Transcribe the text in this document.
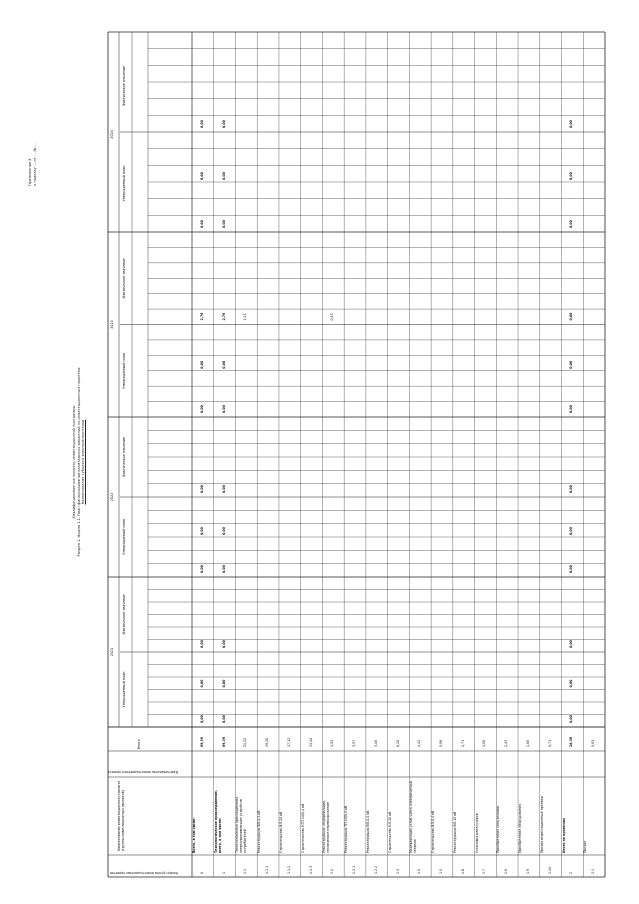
Приложение 4 к приказу ... от ... № ...
Квалифицированные проекты инвестиционной программы Раздел 1. Форма 1.1. План финансирования капитальных вложений по инвестиционным проектам Наименование субъекта электроэнергетики
Номер группы инвестиционных проектов
Наименование инвестиционного проекта (группы инвестиционных проектов)
Идентификатор инвестиционного проекта
Итого
2021
2022
2023
2024
Утвержденный план
Фактическое значение
Утвержденный план
Фактическое значение
Утвержденный план
Фактическое значение
Утвержденный план
Фактическое значение
0
Всего, в том числе:
69,39
0,00
0,00
0,00
0,00
0,00
0,00
0,00
0,00
2,76
0,00
0,00
0,00
1
Технологическое присоединение, всего, в том числе:
69,39
0,00
0,00
0,00
0,00
0,00
0,00
0,00
0,00
2,76
0,00
0,00
0,00
1.1
Технологическое присоединение энергопринимающих устройств потребителей
21,22
2,21
1.1.1
Реконструкция ВЛ-0,4 кВ
19,20
1.1.2
Строительство ВЛ-10 кВ
17,12
1.1.3
Строительство КТП 10/0,4 кВ
13,44
1.2
Реконструкция, модернизация, техническое перевооружение
4,52
0,43
1.2.1
Реконструкция ТП 10/0,4 кВ
3,97
1.2.2
Реконструкция ВЛ-0,4 кВ
3,40
1.3
Строительство КЛ-10 кВ
6,20
1.4
Модернизация узлов учета электрической энергии
4,42
1.5
Строительство ВЛ-0,4 кВ
5,98
1.6
Реконструкция ВЛ-10 кВ
2,71
1.7
Установка реклоузеров
4,00
1.8
Приобретение спецтехники
2,43
1.9
Приобретение оборудования
1,80
1.10
Прочие инвестиционные проекты
0,71
2
Итого по проектам
28,38
0,00
0,00
0,00
0,00
0,00
0,00
0,00
0,00
0,00
0,00
0,00
0,00
2.1
Прочие
0,83
